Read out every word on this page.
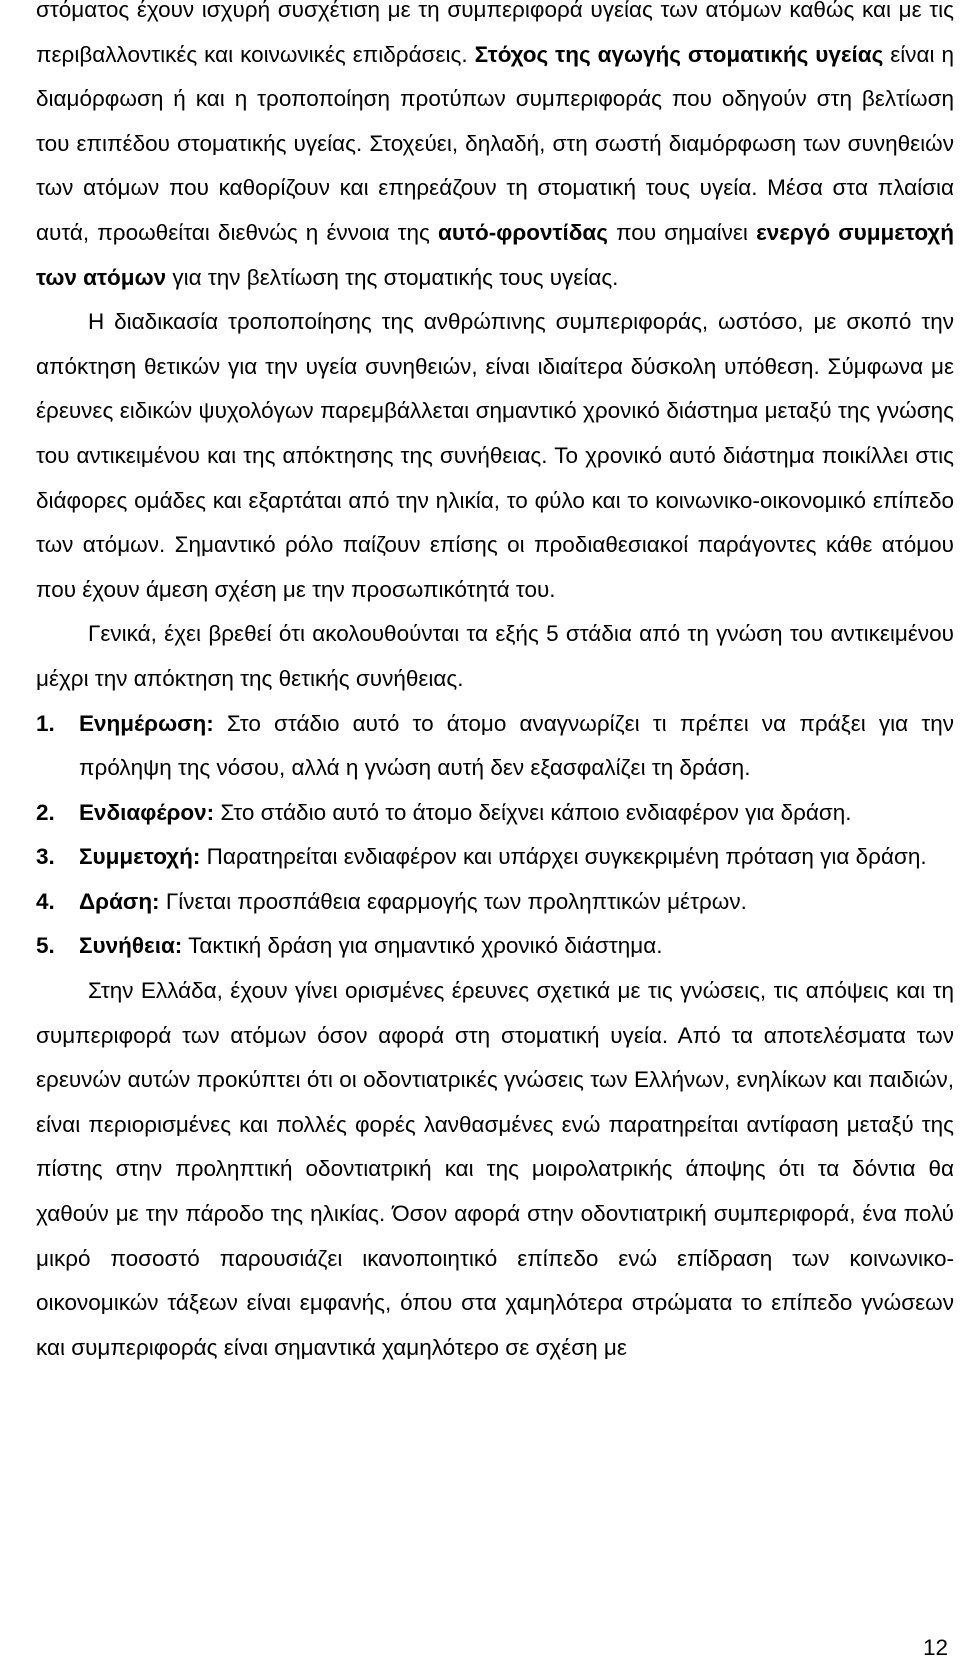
στόματος έχουν ισχυρή συσχέτιση με τη συμπεριφορά υγείας των ατόμων καθώς και με τις περιβαλλοντικές και κοινωνικές επιδράσεις. Στόχος της αγωγής στοματικής υγείας είναι η διαμόρφωση ή και η τροποποίηση προτύπων συμπεριφοράς που οδηγούν στη βελτίωση του επιπέδου στοματικής υγείας. Στοχεύει, δηλαδή, στη σωστή διαμόρφωση των συνηθειών των ατόμων που καθορίζουν και επηρεάζουν τη στοματική τους υγεία. Μέσα στα πλαίσια αυτά, προωθείται διεθνώς η έννοια της αυτό-φροντίδας που σημαίνει ενεργό συμμετοχή των ατόμων για την βελτίωση της στοματικής τους υγείας.

Η διαδικασία τροποποίησης της ανθρώπινης συμπεριφοράς, ωστόσο, με σκοπό την απόκτηση θετικών για την υγεία συνηθειών, είναι ιδιαίτερα δύσκολη υπόθεση. Σύμφωνα με έρευνες ειδικών ψυχολόγων παρεμβάλλεται σημαντικό χρονικό διάστημα μεταξύ της γνώσης του αντικειμένου και της απόκτησης της συνήθειας. Το χρονικό αυτό διάστημα ποικίλλει στις διάφορες ομάδες και εξαρτάται από την ηλικία, το φύλο και το κοινωνικο-οικονομικό επίπεδο των ατόμων. Σημαντικό ρόλο παίζουν επίσης οι προδιαθεσιακοί παράγοντες κάθε ατόμου που έχουν άμεση σχέση με την προσωπικότητά του.

Γενικά, έχει βρεθεί ότι ακολουθούνται τα εξής 5 στάδια από τη γνώση του αντικειμένου μέχρι την απόκτηση της θετικής συνήθειας.

1.	Ενημέρωση: Στο στάδιο αυτό το άτομο αναγνωρίζει τι πρέπει να πράξει για την πρόληψη της νόσου, αλλά η γνώση αυτή δεν εξασφαλίζει τη δράση.
2.	Ενδιαφέρον: Στο στάδιο αυτό το άτομο δείχνει κάποιο ενδιαφέρον για δράση.
3.	Συμμετοχή: Παρατηρείται ενδιαφέρον και υπάρχει συγκεκριμένη πρόταση για δράση.
4.	Δράση: Γίνεται προσπάθεια εφαρμογής των προληπτικών μέτρων.
5.	Συνήθεια: Τακτική δράση για σημαντικό χρονικό διάστημα.

Στην Ελλάδα, έχουν γίνει ορισμένες έρευνες σχετικά με τις γνώσεις, τις απόψεις και τη συμπεριφορά των ατόμων όσον αφορά στη στοματική υγεία. Από τα αποτελέσματα των ερευνών αυτών προκύπτει ότι οι οδοντιατρικές γνώσεις των Ελλήνων, ενηλίκων και παιδιών, είναι περιορισμένες και πολλές φορές λανθασμένες ενώ παρατηρείται αντίφαση μεταξύ της πίστης στην προληπτική οδοντιατρική και της μοιρολατρικής άποψης ότι τα δόντια θα χαθούν με την πάροδο της ηλικίας. Όσον αφορά στην οδοντιατρική συμπεριφορά, ένα πολύ μικρό ποσοστό παρουσιάζει ικανοποιητικό επίπεδο ενώ επίδραση των κοινωνικο-οικονομικών τάξεων είναι εμφανής, όπου στα χαμηλότερα στρώματα το επίπεδο γνώσεων και συμπεριφοράς είναι σημαντικά χαμηλότερο σε σχέση με

12
